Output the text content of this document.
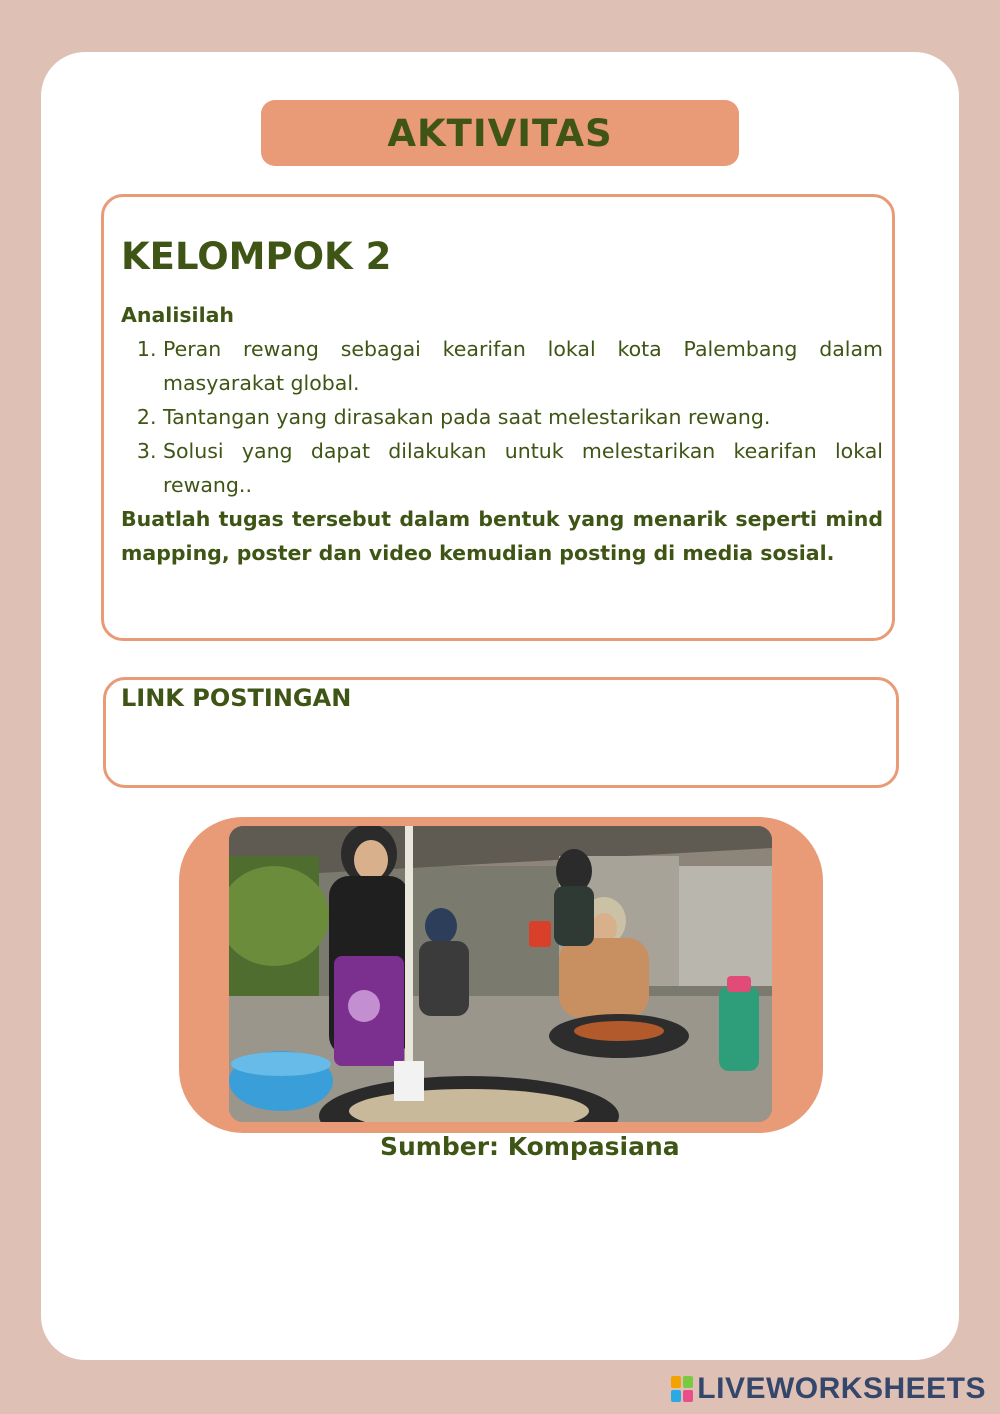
AKTIVITAS
KELOMPOK 2
Analisilah
1. Peran rewang sebagai kearifan lokal kota Palembang dalam masyarakat global.
2. Tantangan yang dirasakan pada saat melestarikan rewang.
3. Solusi yang dapat dilakukan untuk melestarikan kearifan lokal rewang..

Buatlah tugas tersebut dalam bentuk yang menarik seperti mind mapping, poster dan video kemudian posting di media sosial.

LINK POSTINGAN
Sumber: Kompasiana
LIVEWORKSHEETS
